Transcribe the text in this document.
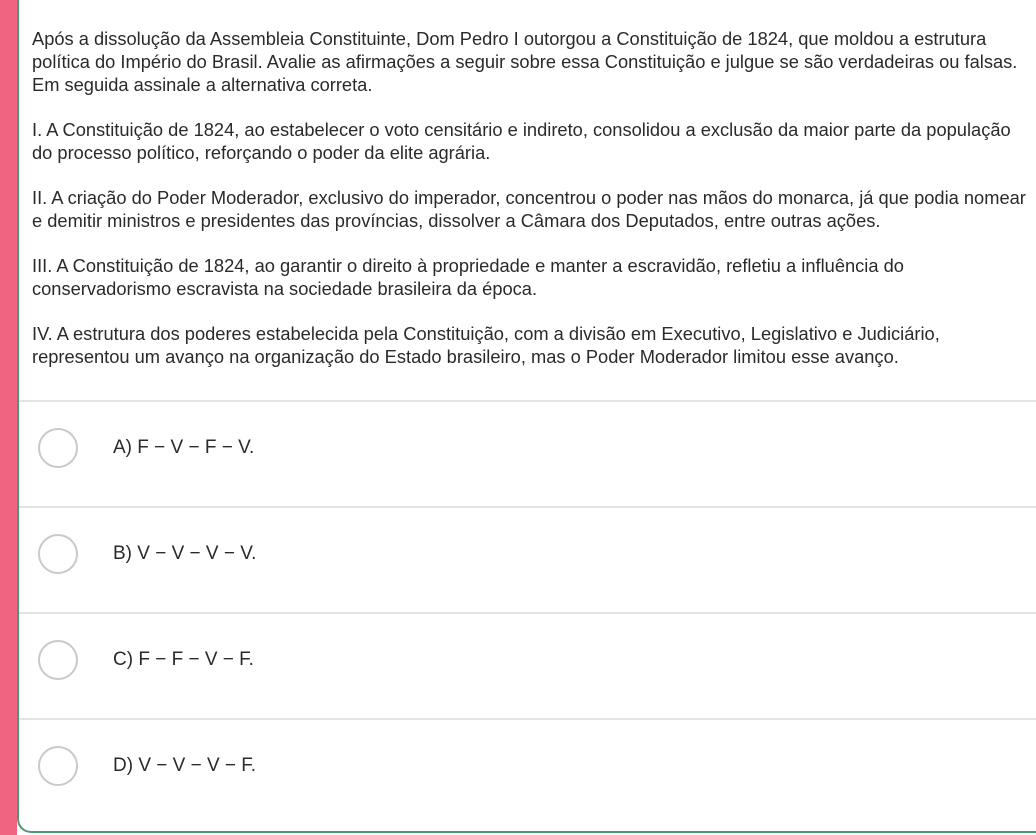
Após a dissolução da Assembleia Constituinte, Dom Pedro I outorgou a Constituição de 1824, que moldou a estrutura política do Império do Brasil. Avalie as afirmações a seguir sobre essa Constituição e julgue se são verdadeiras ou falsas. Em seguida assinale a alternativa correta.

I. A Constituição de 1824, ao estabelecer o voto censitário e indireto, consolidou a exclusão da maior parte da população do processo político, reforçando o poder da elite agrária.

II. A criação do Poder Moderador, exclusivo do imperador, concentrou o poder nas mãos do monarca, já que podia nomear e demitir ministros e presidentes das províncias, dissolver a Câmara dos Deputados, entre outras ações.

III. A Constituição de 1824, ao garantir o direito à propriedade e manter a escravidão, refletiu a influência do conservadorismo escravista na sociedade brasileira da época.

IV. A estrutura dos poderes estabelecida pela Constituição, com a divisão em Executivo, Legislativo e Judiciário, representou um avanço na organização do Estado brasileiro, mas o Poder Moderador limitou esse avanço.

A) F − V − F − V.
B) V − V − V − V.
C) F − F − V − F.
D) V − V − V − F.
